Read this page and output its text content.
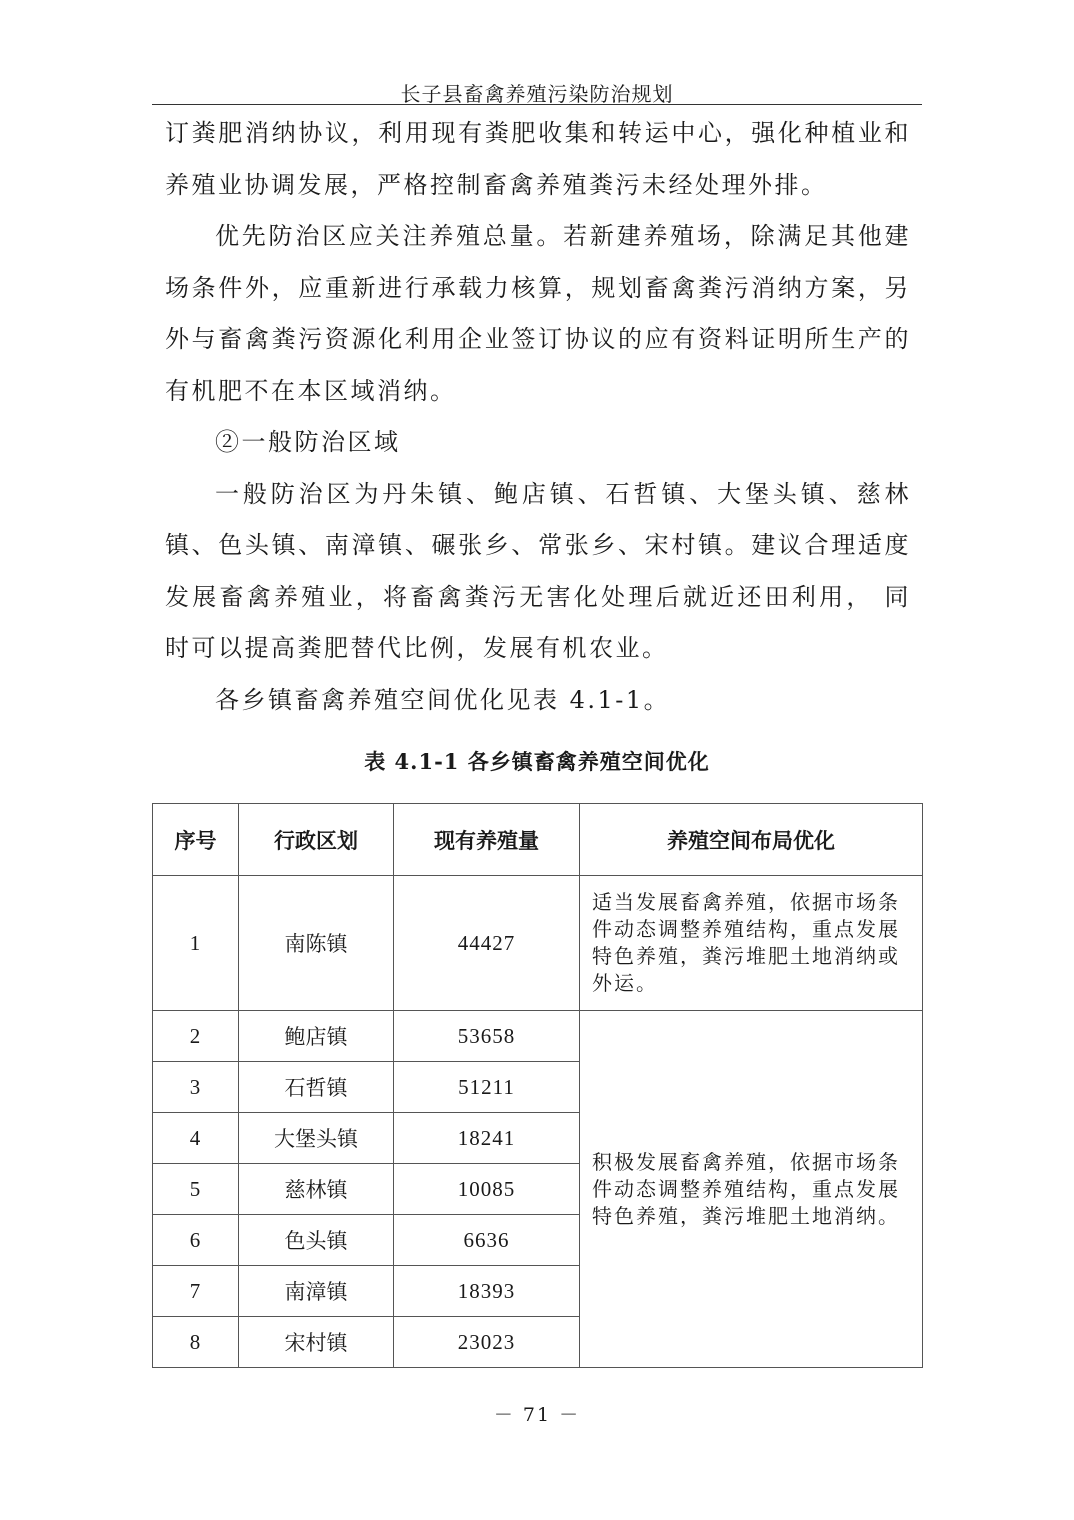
长子县畜禽养殖污染防治规划

订粪肥消纳协议，利用现有粪肥收集和转运中心，强化种植业和养殖业协调发展，严格控制畜禽养殖粪污未经处理外排。

优先防治区应关注养殖总量。若新建养殖场，除满足其他建场条件外，应重新进行承载力核算，规划畜禽粪污消纳方案，另外与畜禽粪污资源化利用企业签订协议的应有资料证明所生产的有机肥不在本区域消纳。

②一般防治区域

一般防治区为丹朱镇、鲍店镇、石哲镇、大堡头镇、慈林镇、色头镇、南漳镇、碾张乡、常张乡、宋村镇。建议合理适度发展畜禽养殖业，将畜禽粪污无害化处理后就近还田利用， 同时可以提高粪肥替代比例，发展有机农业。

各乡镇畜禽养殖空间优化见表 4.1-1。

表 4.1-1 各乡镇畜禽养殖空间优化
序号	行政区划	现有养殖量	养殖空间布局优化
1	南陈镇	44427	适当发展畜禽养殖，依据市场条件动态调整养殖结构，重点发展特色养殖，粪污堆肥土地消纳或外运。
2	鲍店镇	53658	积极发展畜禽养殖，依据市场条件动态调整养殖结构，重点发展特色养殖，粪污堆肥土地消纳。
3	石哲镇	51211	
4	大堡头镇	18241	
5	慈林镇	10085	
6	色头镇	6636	
7	南漳镇	18393	
8	宋村镇	23023	
－ 71 －
